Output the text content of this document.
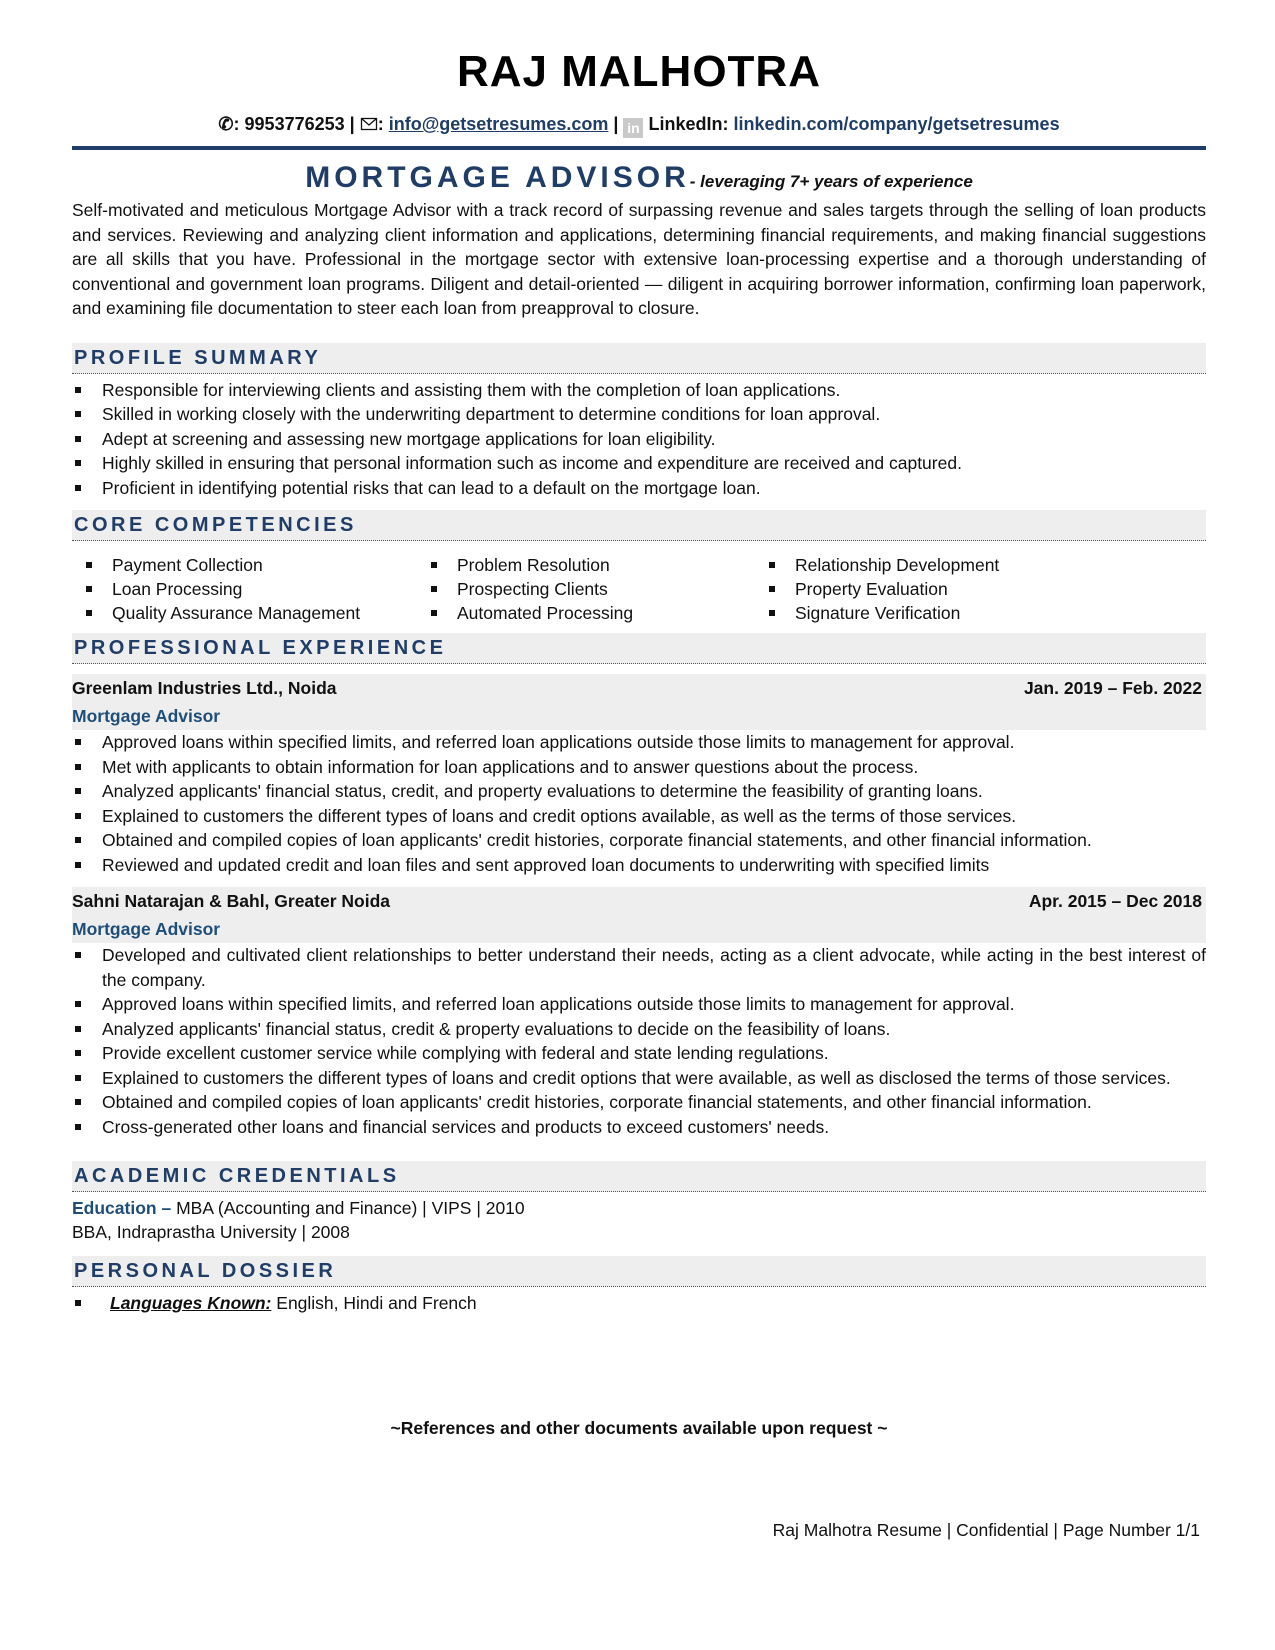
RAJ MALHOTRA
✆: 9953776253 | : info@getsetresumes.com | in LinkedIn: linkedin.com/company/getsetresumes
MORTGAGE ADVISOR- leveraging 7+ years of experience
Self-motivated and meticulous Mortgage Advisor with a track record of surpassing revenue and sales targets through the selling of loan products and services. Reviewing and analyzing client information and applications, determining financial requirements, and making financial suggestions are all skills that you have. Professional in the mortgage sector with extensive loan-processing expertise and a thorough understanding of conventional and government loan programs. Diligent and detail-oriented — diligent in acquiring borrower information, confirming loan paperwork, and examining file documentation to steer each loan from preapproval to closure.
PROFILE SUMMARY
Responsible for interviewing clients and assisting them with the completion of loan applications.
Skilled in working closely with the underwriting department to determine conditions for loan approval.
Adept at screening and assessing new mortgage applications for loan eligibility.
Highly skilled in ensuring that personal information such as income and expenditure are received and captured.
Proficient in identifying potential risks that can lead to a default on the mortgage loan.
CORE COMPETENCIES
Payment Collection
Loan Processing
Quality Assurance Management
Problem Resolution
Prospecting Clients
Automated Processing
Relationship Development
Property Evaluation
Signature Verification
PROFESSIONAL EXPERIENCE
Greenlam Industries Ltd., Noida	Jan. 2019 – Feb. 2022
Mortgage Advisor
Approved loans within specified limits, and referred loan applications outside those limits to management for approval.
Met with applicants to obtain information for loan applications and to answer questions about the process.
Analyzed applicants' financial status, credit, and property evaluations to determine the feasibility of granting loans.
Explained to customers the different types of loans and credit options available, as well as the terms of those services.
Obtained and compiled copies of loan applicants' credit histories, corporate financial statements, and other financial information.
Reviewed and updated credit and loan files and sent approved loan documents to underwriting with specified limits
Sahni Natarajan & Bahl, Greater Noida	Apr. 2015 – Dec 2018
Mortgage Advisor
Developed and cultivated client relationships to better understand their needs, acting as a client advocate, while acting in the best interest of the company.
Approved loans within specified limits, and referred loan applications outside those limits to management for approval.
Analyzed applicants' financial status, credit & property evaluations to decide on the feasibility of loans.
Provide excellent customer service while complying with federal and state lending regulations.
Explained to customers the different types of loans and credit options that were available, as well as disclosed the terms of those services.
Obtained and compiled copies of loan applicants' credit histories, corporate financial statements, and other financial information.
Cross-generated other loans and financial services and products to exceed customers' needs.
ACADEMIC CREDENTIALS
Education – MBA (Accounting and Finance) | VIPS | 2010
BBA, Indraprastha University | 2008
PERSONAL DOSSIER
Languages Known: English, Hindi and French
~References and other documents available upon request ~
Raj Malhotra Resume | Confidential | Page Number 1/1
